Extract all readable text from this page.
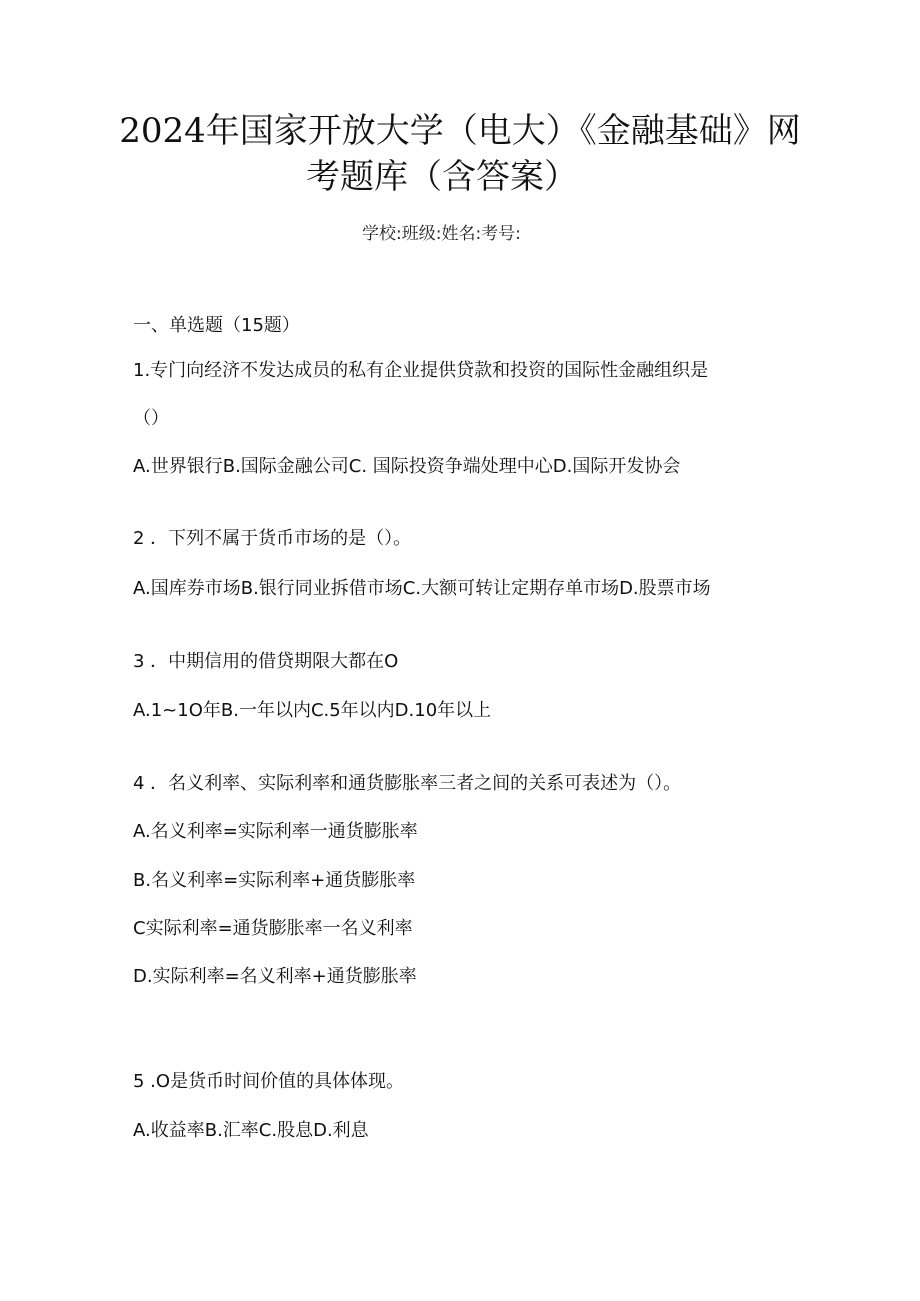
2024年国家开放大学（电大）《金融基础》网
考题库（含答案）
学校:班级:姓名:考号:
一、单选题（15题）
1.专门向经济不发达成员的私有企业提供贷款和投资的国际性金融组织是
（）
A.世界银行B.国际金融公司C. 国际投资争端处理中心D.国际开发协会
2 ．下列不属于货币市场的是（）。
A.国库券市场B.银行同业拆借市场C.大额可转让定期存单市场D.股票市场
3 ．中期信用的借贷期限大都在O
A.1~1O年B.一年以内C.5年以内D.10年以上
4 ．名义利率、实际利率和通货膨胀率三者之间的关系可表述为（）。
A.名义利率=实际利率一通货膨胀率
B.名义利率=实际利率+通货膨胀率
C实际利率=通货膨胀率一名义利率
D.实际利率=名义利率+通货膨胀率
5 .O是货币时间价值的具体体现。
A.收益率B.汇率C.股息D.利息
